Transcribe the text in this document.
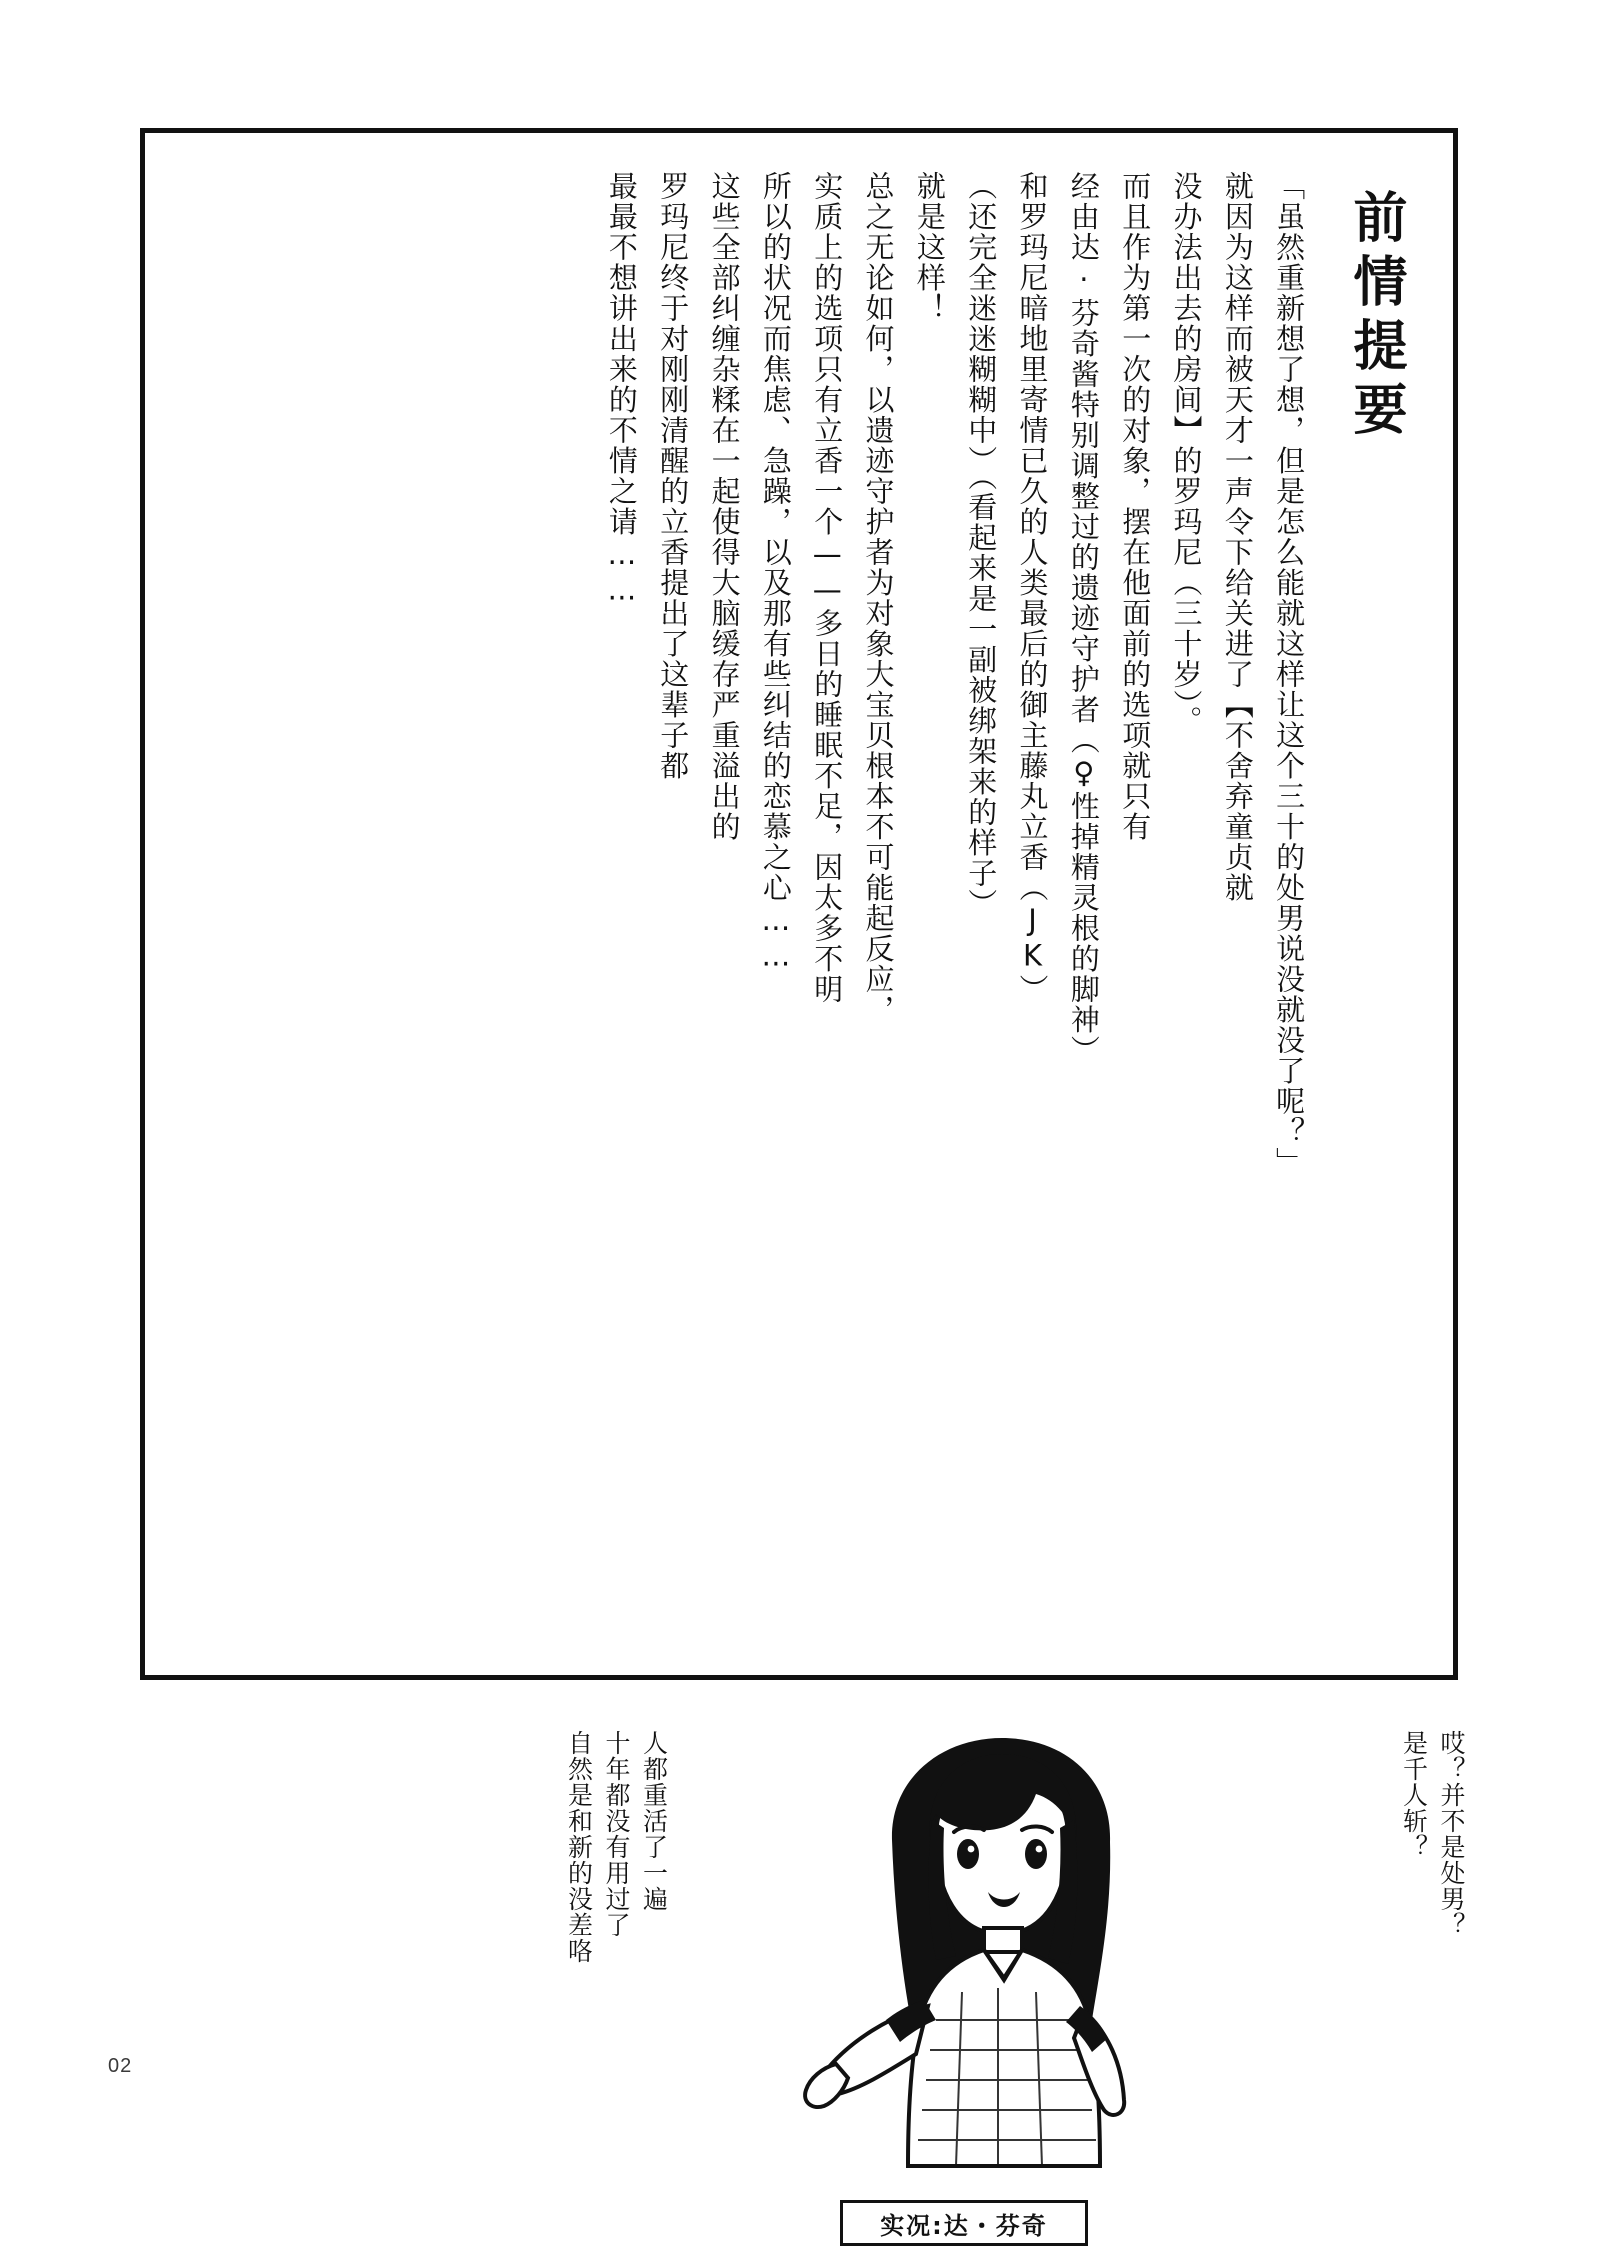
前情提要
「虽然重新想了想，但是怎么能就这样让这个三十的处男说没就没了呢？」
就因为这样而被天才一声令下给关进了【不舍弃童贞就
没办法出去的房间】的罗玛尼（三十岁）。
而且作为第一次的对象，摆在他面前的选项就只有
经由达·芬奇酱特别调整过的遗迹守护者（♀性掉精灵根的脚神）
和罗玛尼暗地里寄情已久的人类最后的御主藤丸立香（JK）
（还完全迷迷糊糊中）（看起来是一副被绑架来的样子）
就是这样！
总之无论如何，以遗迹守护者为对象大宝贝根本不可能起反应，
实质上的选项只有立香一个——多日的睡眠不足，因太多不明
所以的状况而焦虑、急躁，以及那有些纠结的恋慕之心……
这些全部纠缠杂糅在一起使得大脑缓存严重溢出的
罗玛尼终于对刚刚清醒的立香提出了这辈子都
最最不想讲出来的不情之请……
哎？并不是处男？
是千人斩？
人都重活了一遍
十年都没有用过了
自然是和新的没差咯
实况:达・芬奇
02
